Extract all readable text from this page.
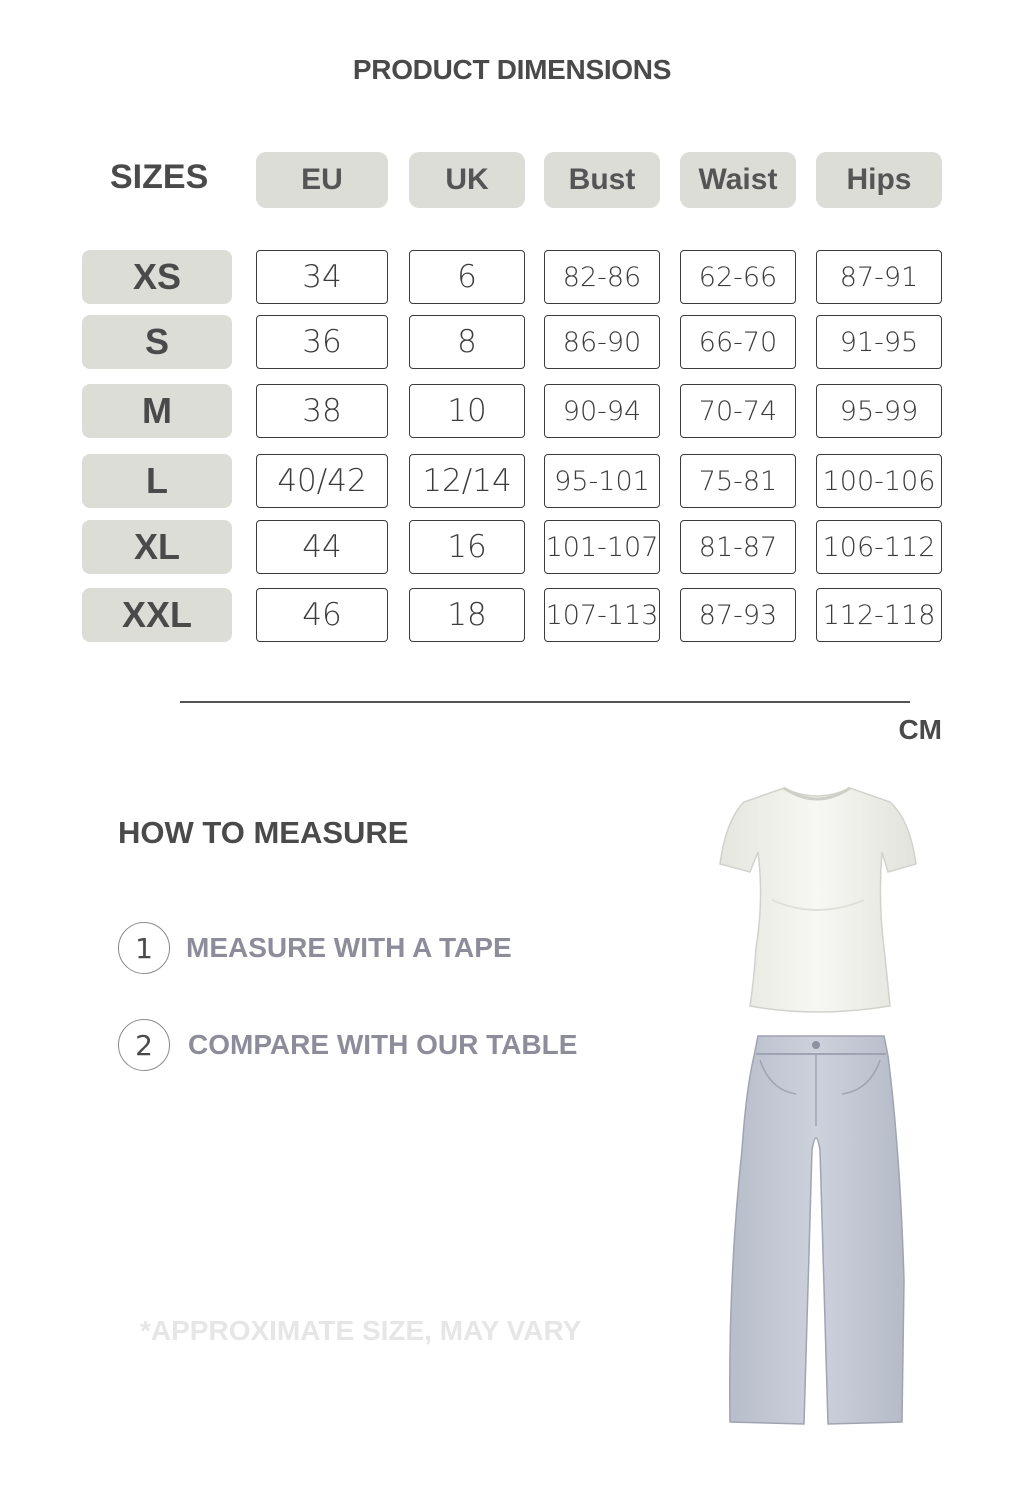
PRODUCT DIMENSIONS
SIZES	EU	UK	Bust	Waist	Hips
XS	34	6	82-86	62-66	87-91
S	36	8	86-90	66-70	91-95
M	38	10	90-94	70-74	95-99
L	40/42	12/14	95-101	75-81	100-106
XL	44	16	101-107	81-87	106-112
XXL	46	18	107-113	87-93	112-118
CM
HOW TO MEASURE
1	MEASURE WITH A TAPE
2	COMPARE WITH OUR TABLE
*APPROXIMATE SIZE, MAY VARY
